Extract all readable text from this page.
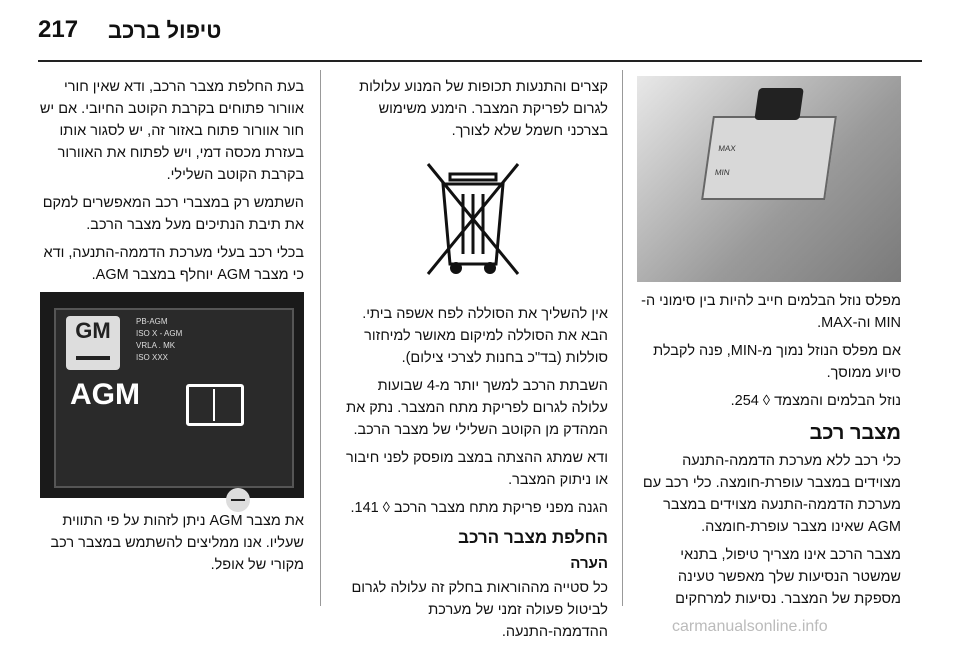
217 טיפול ברכב
MAX
MIN

מפלס נוזל הבלמים חייב להיות בין סימוני ה-MIN וה-MAX.

אם מפלס הנוזל נמוך מ-MIN, פנה לקבלת סיוע ממוסך.

נוזל הבלמים והמצמד ◊ 254.

מצבר רכב

כלי רכב ללא מערכת הדממה-התנעה מצוידים במצבר עופרת-חומצה. כלי רכב עם מערכת הדממה-התנעה מצוידים במצבר AGM שאינו מצבר עופרת-חומצה.

מצבר הרכב אינו מצריך טיפול, בתנאי שמשטר הנסיעות שלך מאפשר טעינה מספקת של המצבר. נסיעות למרחקים

קצרים והתנעות תכופות של המנוע עלולות לגרום לפריקת המצבר. הימנע משימוש בצרכני חשמל שלא לצורך.

אין להשליך את הסוללה לפח אשפה ביתי. הבא את הסוללה למיקום מאושר למיחזור סוללות (בד"כ בחנות לצרכי צילום).

השבתת הרכב למשך יותר מ-4 שבועות עלולה לגרום לפריקת מתח המצבר. נתק את המהדק מן הקוטב השלילי של מצבר הרכב.

ודא שמתג ההצתה במצב מופסק לפני חיבור או ניתוק המצבר.

הגנה מפני פריקת מתח מצבר הרכב ◊ 141.

החלפת מצבר הרכב
הערה

כל סטייה מההוראות בחלק זה עלולה לגרום לביטול פעולה זמני של מערכת ההדממה-התנעה.

בעת החלפת מצבר הרכב, ודא שאין חורי אוורור פתוחים בקרבת הקוטב החיובי. אם יש חור אוורור פתוח באזור זה, יש לסגור אותו בעזרת מכסה דמי, ויש לפתוח את האוורור בקרבת הקוטב השלילי.

השתמש רק במצברי רכב המאפשרים למקם את תיבת הנתיכים מעל מצבר הרכב.

בכלי רכב בעלי מערכת הדממה-התנעה, ודא כי מצבר AGM יוחלף במצבר AGM.

GM	PB-AGM
ISO X - AGM
VRLA . MK
ISO XXX
AGM

את מצבר AGM ניתן לזהות על פי התווית שעליו. אנו ממליצים להשתמש במצבר רכב מקורי של אופל.

carmanualsonline.info
